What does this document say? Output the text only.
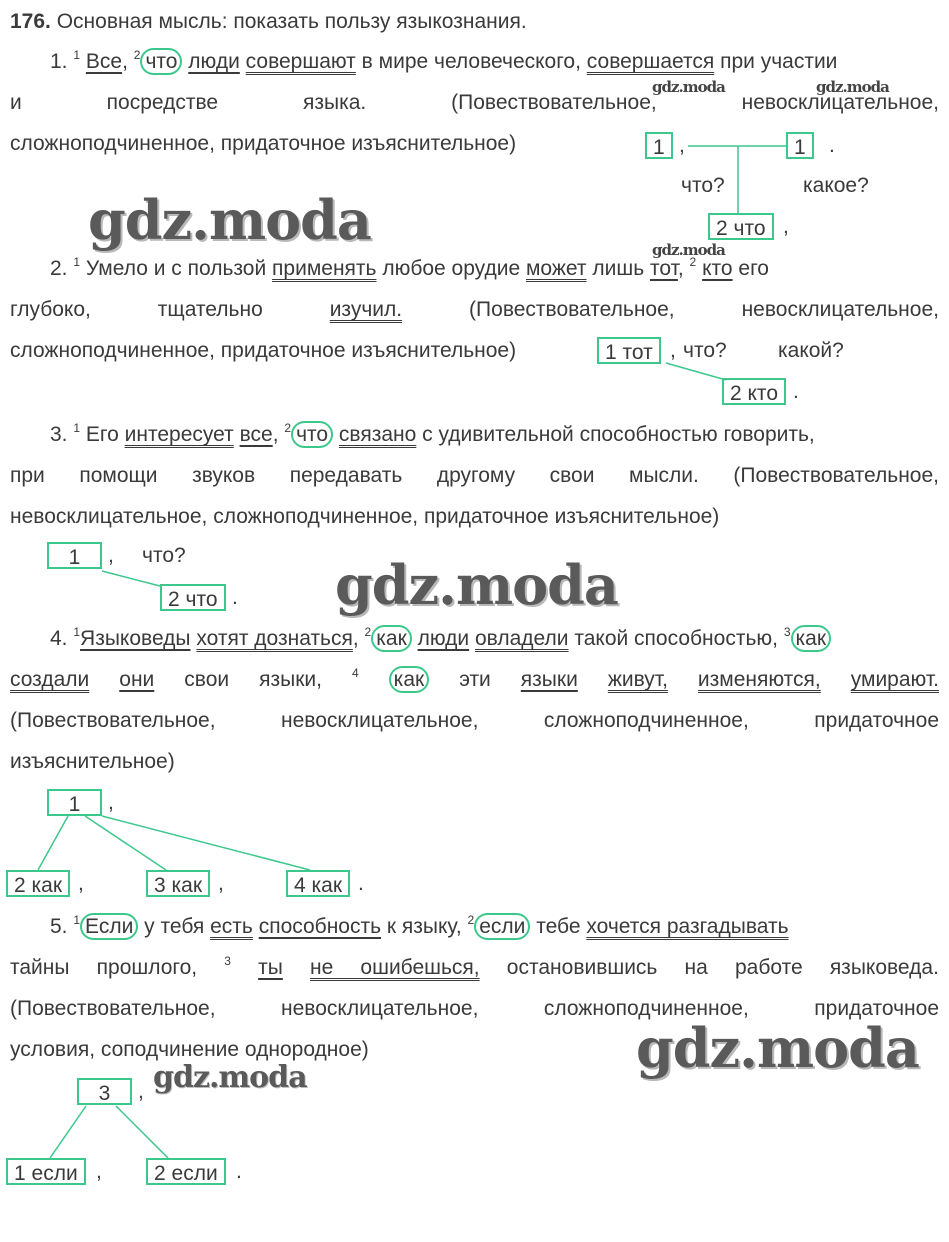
176. Основная мысль: показать пользу языкознания.
1. $^1$ Все, $^2$ что люди совершают в мире человеческого, совершается при участии
и	посредстве	языка.	(Повествовательное,	невосклицательное,
сложноподчиненное, придаточное изъяснительное)	1 ,	1	.
что?	какое?
2 что ,
2. $^1$ Умело и с пользой применять любое орудие может лишь тот, $^2$ кто его
глубоко,	тщательно	изучил.	(Повествовательное,	невосклицательное,
сложноподчиненное, придаточное изъяснительное)	1 тот , что? какой?
2 кто .
3. $^1$ Его интересует все, $^2$ что связано с удивительной способностью говорить,
при помощи звуков передавать другому свои мысли. (Повествовательное,
невосклицательное, сложноподчиненное, придаточное изъяснительное)
1	, что?
2 что .
4. $^1$Языковеды хотят дознаться, $^2$ как люди овладели такой способностью, $^3$ как
создали они свои языки,	$^4$ как эти языки живут, изменяются, умирают.
(Повествовательное,	невосклицательное,	сложноподчиненное,	придаточное
изъяснительное)
1	,
2 как ,	3 как ,	4 как .
5. $^1$ Если у тебя есть способность к языку, $^2$ если тебе хочется разгадывать
тайны прошлого, $^3$ ты не ошибешься, остановившись на работе языковеда.
(Повествовательное,	невосклицательное,	сложноподчиненное,	придаточное
условия, соподчинение однородное)
3	,
1 если ,	2 если .
gdz.moda
gdz.moda
gdz.moda
gdz.moda
gdz.moda	gdz.moda
gdz.moda
